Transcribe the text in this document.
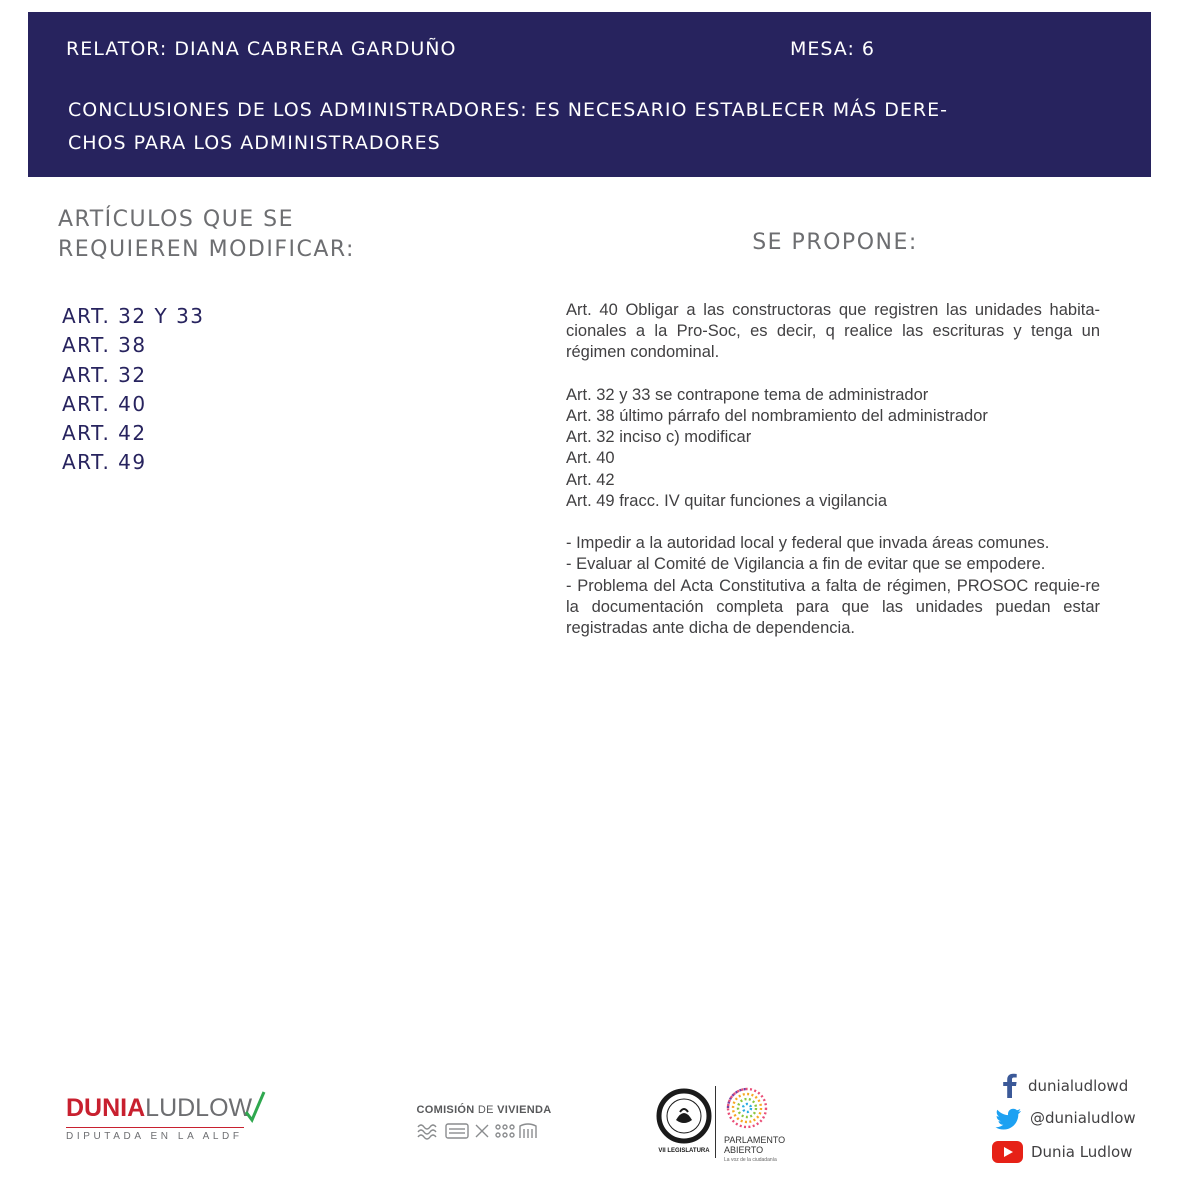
RELATOR: DIANA CABRERA GARDUÑO	MESA: 6
CONCLUSIONES DE LOS ADMINISTRADORES: ES NECESARIO ESTABLECER MÁS DERE-
CHOS PARA LOS ADMINISTRADORES
ARTÍCULOS QUE SE
REQUIEREN MODIFICAR:
ART. 32 Y 33
ART. 38
ART. 32
ART. 40
ART. 42
ART. 49
SE PROPONE:

Art. 40 Obligar a las constructoras que registren las unidades habita-cionales a la Pro-Soc, es decir, q realice las escrituras y tenga un régimen condominal.

Art. 32 y 33 se contrapone tema de administrador

Art. 38 último párrafo del nombramiento del administrador

Art. 32 inciso c) modificar

Art. 40

Art. 42

Art. 49 fracc. IV quitar funciones a vigilancia

- Impedir a la autoridad local y federal que invada áreas comunes.

- Evaluar al Comité de Vigilancia a fin de evitar que se empodere.

- Problema del Acta Constitutiva a falta de régimen, PROSOC requie-re la documentación completa para que las unidades puedan estar registradas ante dicha de dependencia.

DUNIALUDLOW
DIPUTADA EN LA ALDF
COMISIÓN DE VIVIENDA
VII LEGISLATURA
PARLAMENTO
ABIERTO
La voz de la ciudadanía
dunialudlowd
@dunialudlow
Dunia Ludlow
